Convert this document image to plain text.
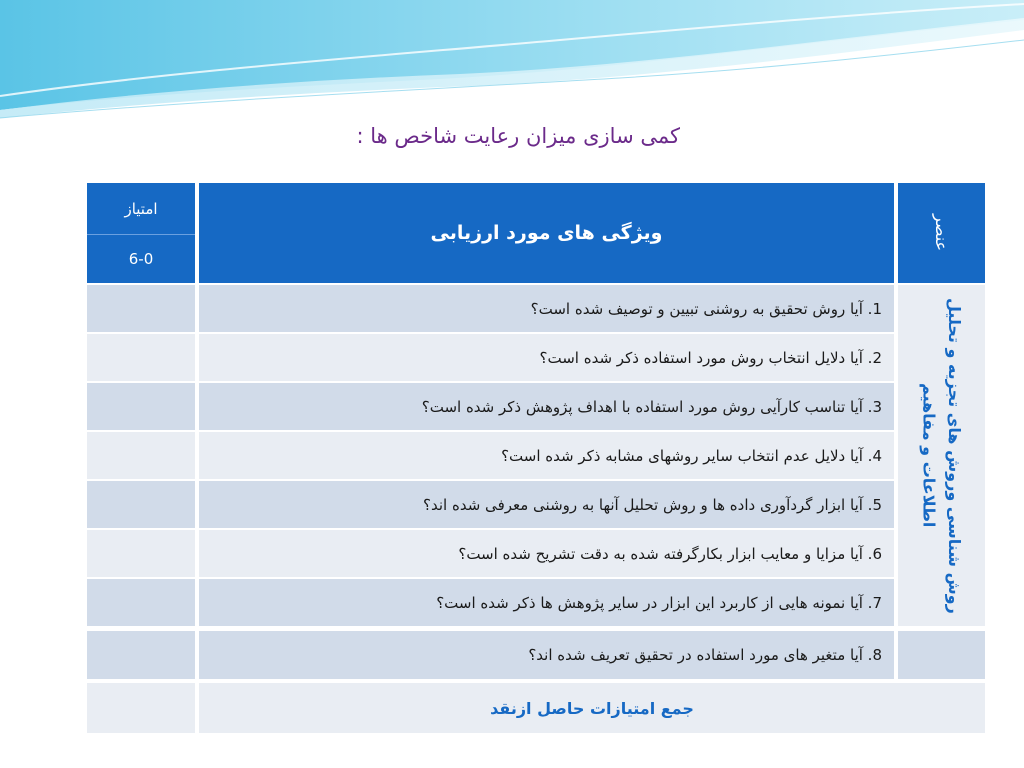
کمی سازی میزان رعایت شاخص ها :
امتیاز
6-0
ویژگی های مورد ارزیابی	عنصر
1. آیا روش تحقیق به روشنی تبیین و توصیف شده است؟
2. آیا دلایل انتخاب روش مورد استفاده ذکر شده است؟
3. آیا تناسب کارآیی روش مورد استفاده با اهداف پژوهش ذکر شده است؟
4. آیا دلایل عدم انتخاب سایر روشهای مشابه ذکر شده است؟
5. آیا ابزار گردآوری داده ها و روش تحلیل آنها به روشنی معرفی شده اند؟
6. آیا مزایا و معایب ابزار بکارگرفته شده به دقت تشریح شده است؟
7. آیا نمونه هایی از کاربرد این ابزار در سایر پژوهش ها ذکر شده است؟	روش شناسی وروش های تجزیه و تحلیل اطلاعات و مفاهیم
8. آیا متغیر های مورد استفاده در تحقیق تعریف شده اند؟
جمع امتیازات حاصل ازنقد
